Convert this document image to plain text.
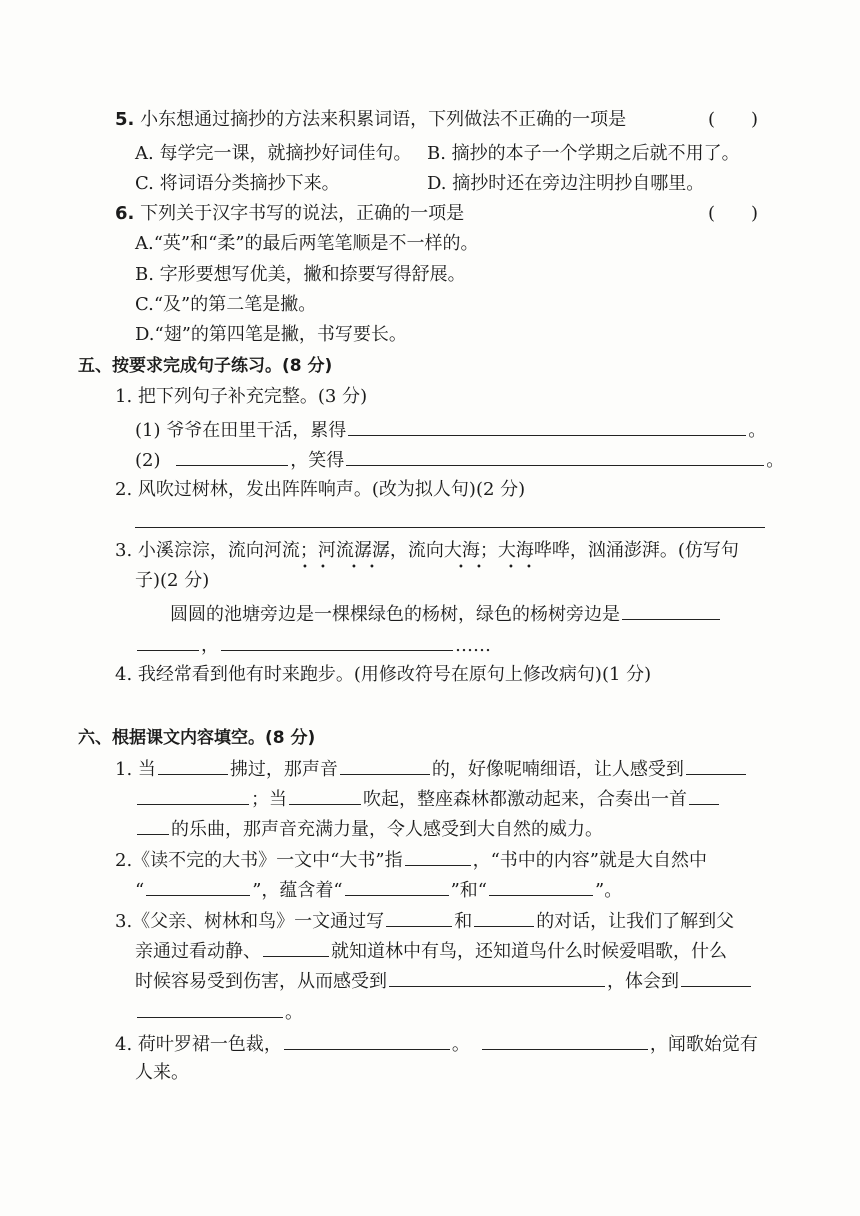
5. 小东想通过摘抄的方法来积累词语，下列做法不正确的一项是	(　　)
A. 每学完一课，就摘抄好词佳句。 B. 摘抄的本子一个学期之后就不用了。
C. 将词语分类摘抄下来。	D. 摘抄时还在旁边注明抄自哪里。
6. 下列关于汉字书写的说法，正确的一项是	(　　)
A.“英”和“柔”的最后两笔笔顺是不一样的。
B. 字形要想写优美，撇和捺要写得舒展。
C.“及”的第二笔是撇。
D.“翅”的第四笔是撇，书写要长。
五、按要求完成句子练习。(8 分)
1. 把下列句子补充完整。(3 分)
(1) 爷爷在田里干活，累得	。
(2)	，笑得	。
2. 风吹过树林，发出阵阵响声。(改为拟人句)(2 分)
3. 小溪淙淙，流向河流；河流潺潺，流向大海；大海哗哗，汹涌澎湃。(仿写句
• •	• •	• •	• •
子)(2 分)
圆圆的池塘旁边是一棵棵绿色的杨树，绿色的杨树旁边是
，	……
4. 我经常看到他有时来跑步。(用修改符号在原句上修改病句)(1 分)
六、根据课文内容填空。(8 分)
1. 当	拂过，那声音	的，好像呢喃细语，让人感受到
；当	吹起，整座森林都激动起来，合奏出一首
的乐曲，那声音充满力量，令人感受到大自然的威力。
2.《读不完的大书》一文中“大书”指	，“书中的内容”就是大自然中
“	”，蕴含着“	”和“	”。
3.《父亲、树林和鸟》一文通过写	和	的对话，让我们了解到父
亲通过看动静、	就知道林中有鸟，还知道鸟什么时候爱唱歌，什么
时候容易受到伤害，从而感受到	，体会到
。
4. 荷叶罗裙一色裁，	。	，闻歌始觉有
人来。
